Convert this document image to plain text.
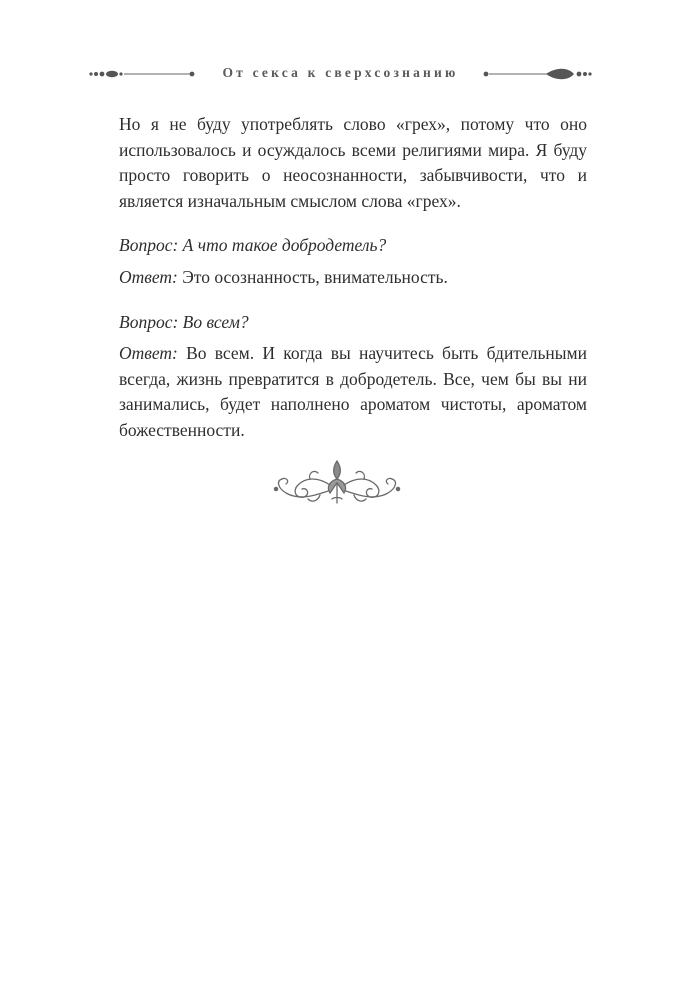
От секса к сверхсознанию

Но я не буду употреблять слово «грех», потому что оно использовалось и осуждалось всеми религиями мира. Я буду просто говорить о неосознанности, забывчивости, что и является изначальным смыслом слова «грех».

Вопрос: А что такое добродетель?

Ответ: Это осознанность, внимательность.

Вопрос: Во всем?

Ответ: Во всем. И когда вы научитесь быть бдительными всегда, жизнь превратится в добродетель. Все, чем бы вы ни занимались, будет наполнено ароматом чистоты, ароматом божественности.
